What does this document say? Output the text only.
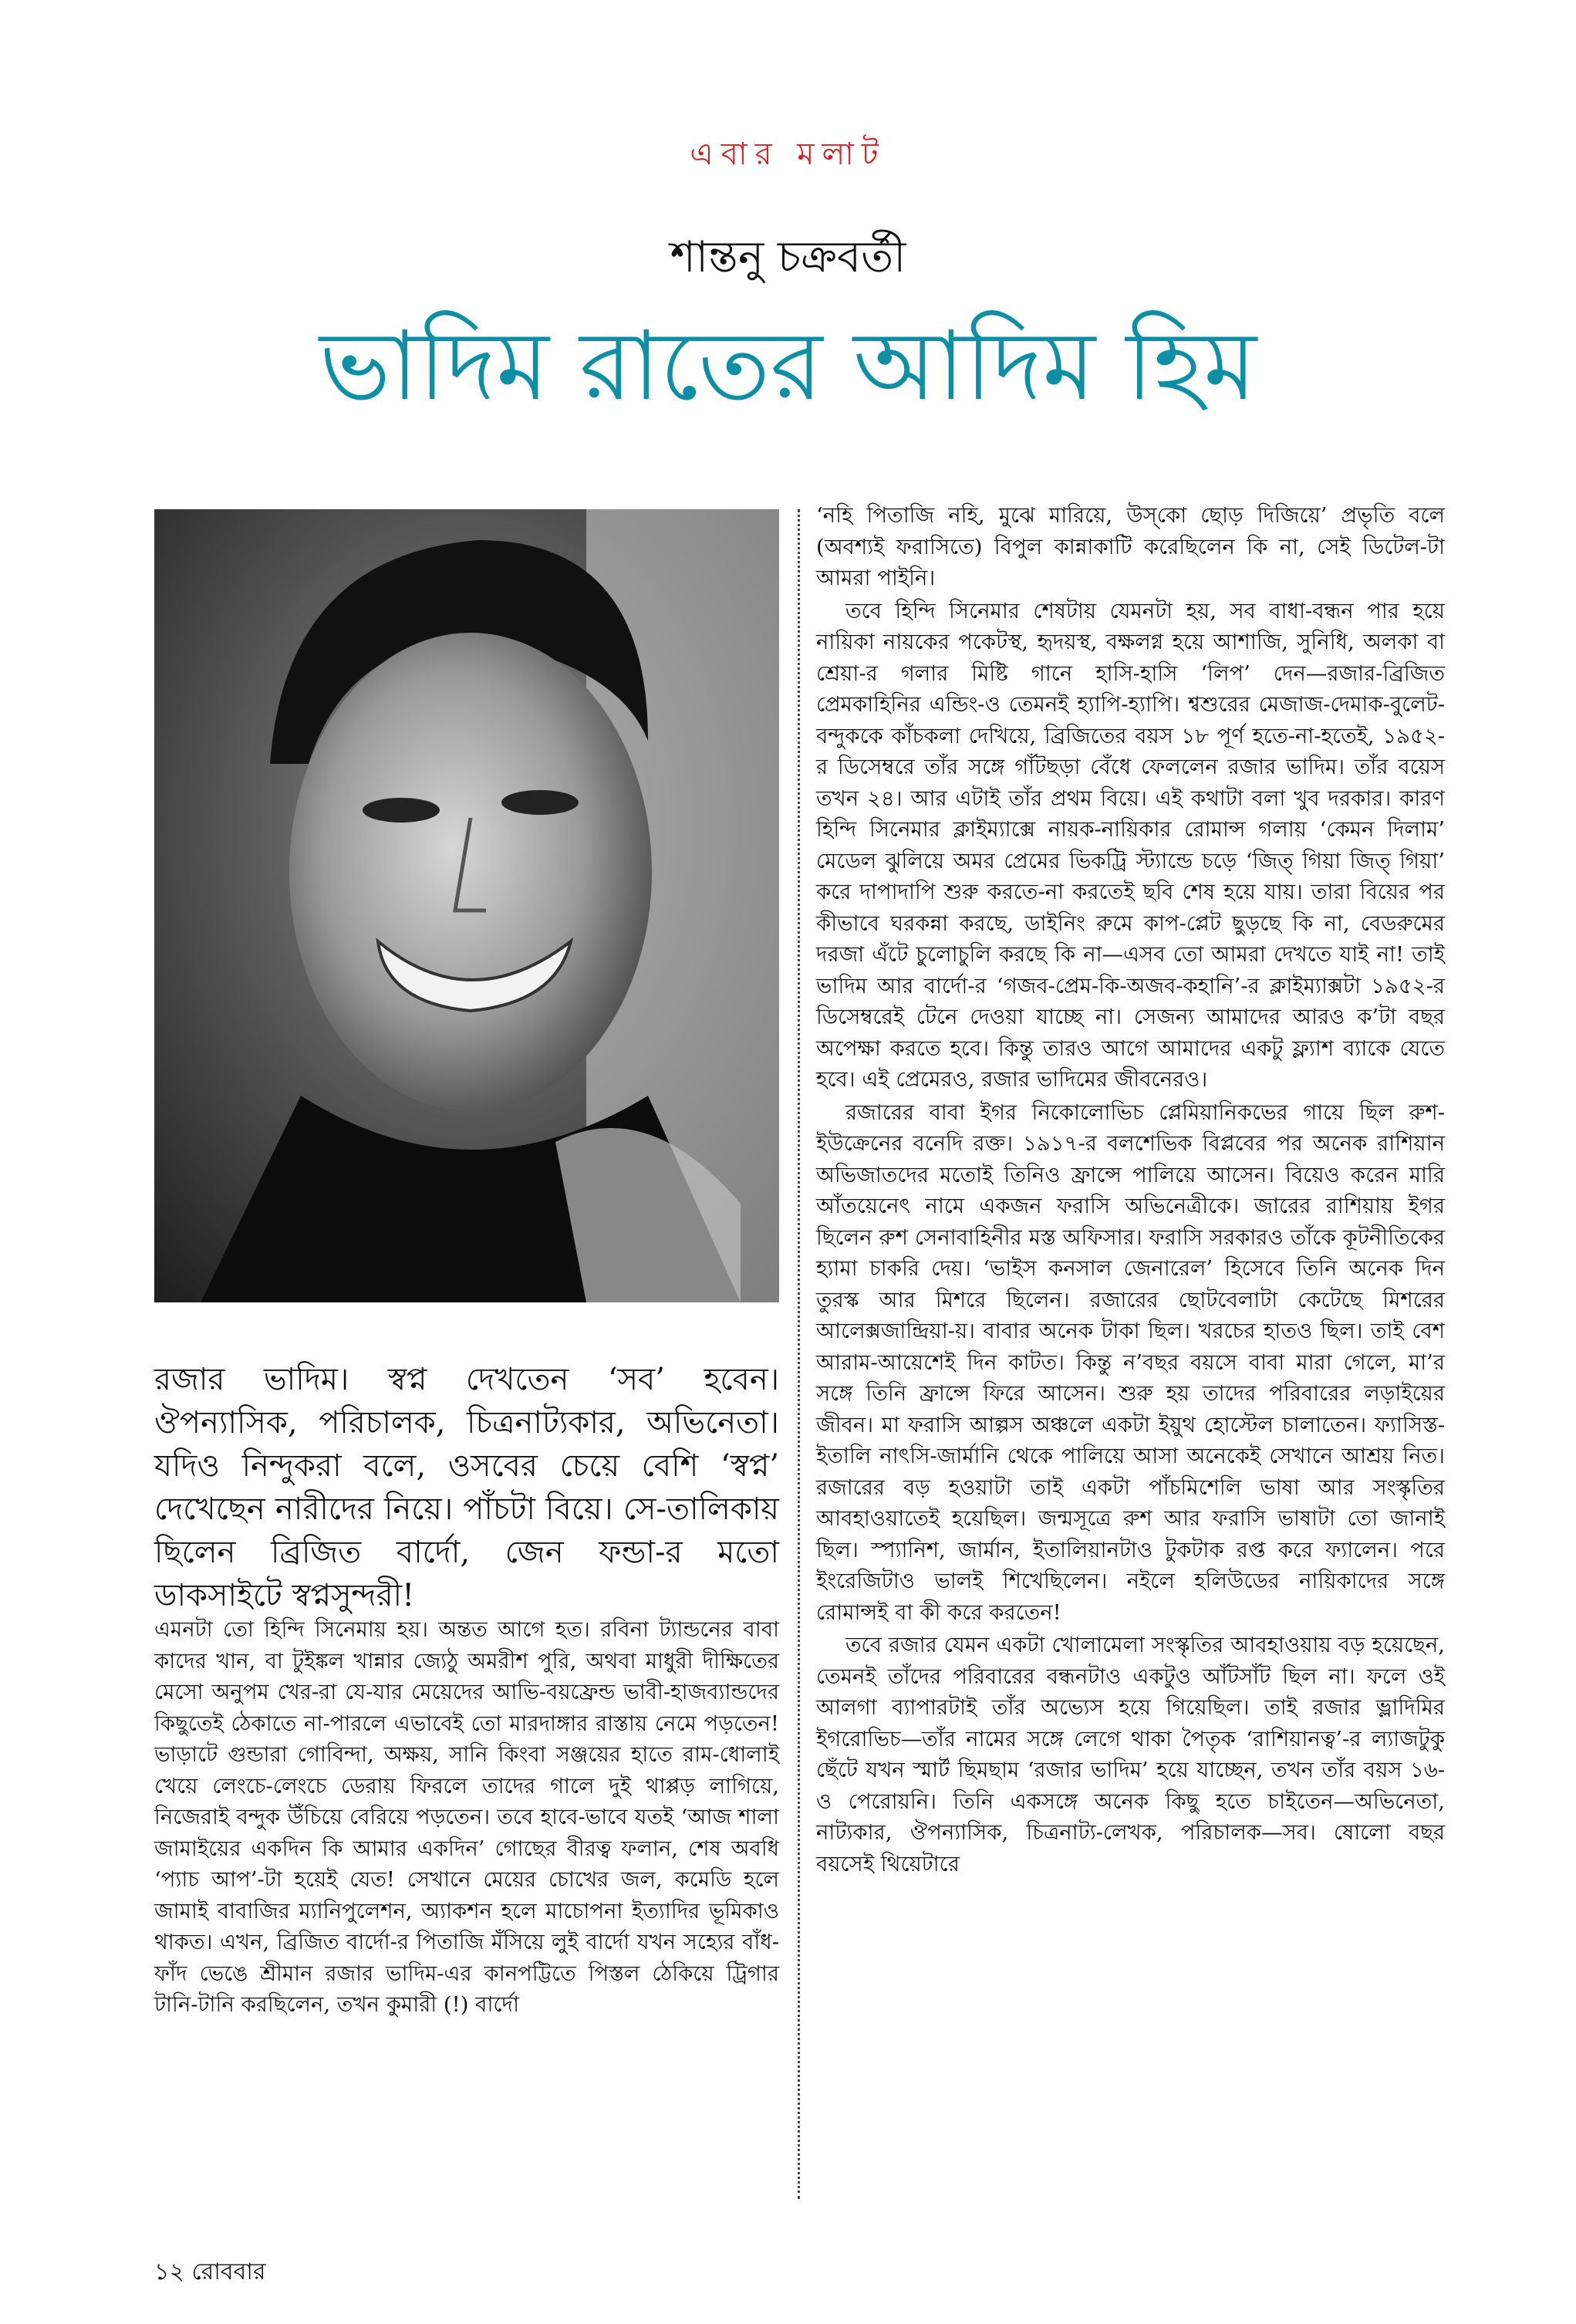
এবার মলাট
শান্তনু চক্রবর্তী
ভাদিম রাতের আদিম হিম

রজার ভাদিম। স্বপ্ন দেখতেন ‘সব’ হবেন। ঔপন্যাসিক, পরিচালক, চিত্রনাট্যকার, অভিনেতা। যদিও নিন্দুকরা বলে, ওসবের চেয়ে বেশি ‘স্বপ্ন’ দেখেছেন নারীদের নিয়ে। পাঁচটা বিয়ে। সে-তালিকায় ছিলেন ব্রিজিত বার্দো, জেন ফন্ডা-র মতো ডাকসাইটে স্বপ্নসুন্দরী!

এমনটা তো হিন্দি সিনেমায় হয়। অন্তত আগে হত। রবিনা ট্যান্ডনের বাবা কাদের খান, বা টুইঙ্কল খান্নার জ্যেঠু অমরীশ পুরি, অথবা মাধুরী দীক্ষিতের মেসো অনুপম খের-রা যে-যার মেয়েদের আভি-বয়ফ্রেন্ড ভাবী-হাজব্যান্ডদের কিছুতেই ঠেকাতে না-পারলে এভাবেই তো মারদাঙ্গার রাস্তায় নেমে পড়তেন! ভাড়াটে গুন্ডারা গোবিন্দা, অক্ষয়, সানি কিংবা সঞ্জয়ের হাতে রাম-ধোলাই খেয়ে লেংচে-লেংচে ডেরায় ফিরলে তাদের গালে দুই থাপ্পড় লাগিয়ে, নিজেরাই বন্দুক উঁচিয়ে বেরিয়ে পড়তেন। তবে হাবে-ভাবে যতই ‘আজ শালা জামাইয়ের একদিন কি আমার একদিন’ গোছের বীরত্ব ফলান, শেষ অবধি ‘প্যাচ আপ’-টা হয়েই যেত! সেখানে মেয়ের চোখের জল, কমেডি হলে জামাই বাবাজির ম্যানিপুলেশন, অ্যাকশন হলে মাচোপনা ইত্যাদির ভূমিকাও থাকত। এখন, ব্রিজিত বার্দো-র পিতাজি মঁসিয়ে লুই বার্দো যখন সহ্যের বাঁধ-ফাঁদ ভেঙে শ্রীমান রজার ভাদিম-এর কানপট্টিতে পিস্তল ঠেকিয়ে ট্রিগার টানি-টানি করছিলেন, তখন কুমারী (!) বার্দো

‘নহি পিতাজি নহি, মুঝে মারিয়ে, উস্‌কো ছোড় দিজিয়ে’ প্রভৃতি বলে (অবশ্যই ফরাসিতে) বিপুল কান্নাকাটি করেছিলেন কি না, সেই ডিটেল-টা আমরা পাইনি।

তবে হিন্দি সিনেমার শেষটায় যেমনটা হয়, সব বাধা-বন্ধন পার হয়ে নায়িকা নায়কের পকেটস্থ, হৃদয়স্থ, বক্ষলগ্ন হয়ে আশাজি, সুনিধি, অলকা বা শ্রেয়া-র গলার মিষ্টি গানে হাসি-হাসি ‘লিপ’ দেন—রজার-ব্রিজিত প্রেমকাহিনির এন্ডিং-ও তেমনই হ্যাপি-হ্যাপি। শ্বশুরের মেজাজ-দেমাক-বুলেট-বন্দুককে কাঁচকলা দেখিয়ে, ব্রিজিতের বয়স ১৮ পূর্ণ হতে-না-হতেই, ১৯৫২-র ডিসেম্বরে তাঁর সঙ্গে গাঁটছড়া বেঁধে ফেললেন রজার ভাদিম। তাঁর বয়েস তখন ২৪। আর এটাই তাঁর প্রথম বিয়ে। এই কথাটা বলা খুব দরকার। কারণ হিন্দি সিনেমার ক্লাইম্যাক্সে নায়ক-নায়িকার রোমান্স গলায় ‘কেমন দিলাম’ মেডেল ঝুলিয়ে অমর প্রেমের ভিকট্রি স্ট্যান্ডে চড়ে ‘জিত্‌ গিয়া জিত্‌ গিয়া’ করে দাপাদাপি শুরু করতে-না করতেই ছবি শেষ হয়ে যায়। তারা বিয়ের পর কীভাবে ঘরকন্না করছে, ডাইনিং রুমে কাপ-প্লেট ছুড়ছে কি না, বেডরুমের দরজা এঁটে চুলোচুলি করছে কি না—এসব তো আমরা দেখতে যাই না! তাই ভাদিম আর বার্দো-র ‘গজব-প্রেম-কি-অজব-কহানি’-র ক্লাইম্যাক্সটা ১৯৫২-র ডিসেম্বরেই টেনে দেওয়া যাচ্ছে না। সেজন্য আমাদের আরও ক’টা বছর অপেক্ষা করতে হবে। কিন্তু তারও আগে আমাদের একটু ফ্ল্যাশ ব্যাকে যেতে হবে। এই প্রেমেরও, রজার ভাদিমের জীবনেরও।

রজারের বাবা ইগর নিকোলোভিচ প্লেমিয়ানিকভের গায়ে ছিল রুশ-ইউক্রেনের বনেদি রক্ত। ১৯১৭-র বলশেভিক বিপ্লবের পর অনেক রাশিয়ান অভিজাতদের মতোই তিনিও ফ্রান্সে পালিয়ে আসেন। বিয়েও করেন মারি আঁতয়েনেৎ নামে একজন ফরাসি অভিনেত্রীকে। জারের রাশিয়ায় ইগর ছিলেন রুশ সেনাবাহিনীর মস্ত অফিসার। ফরাসি সরকারও তাঁকে কূটনীতিকের হ্যামা চাকরি দেয়। ‘ভাইস কনসাল জেনারেল’ হিসেবে তিনি অনেক দিন তুরস্ক আর মিশরে ছিলেন। রজারের ছোটবেলাটা কেটেছে মিশরের আলেক্সজান্দ্রিয়া-য়। বাবার অনেক টাকা ছিল। খরচের হাতও ছিল। তাই বেশ আরাম-আয়েশেই দিন কাটত। কিন্তু ন’বছর বয়সে বাবা মারা গেলে, মা’র সঙ্গে তিনি ফ্রান্সে ফিরে আসেন। শুরু হয় তাদের পরিবারের লড়াইয়ের জীবন। মা ফরাসি আল্পস অঞ্চলে একটা ইয়ুথ হোস্টেল চালাতেন। ফ্যাসিস্ত-ইতালি নাৎসি-জার্মানি থেকে পালিয়ে আসা অনেকেই সেখানে আশ্রয় নিত। রজারের বড় হওয়াটা তাই একটা পাঁচমিশেলি ভাষা আর সংস্কৃতির আবহাওয়াতেই হয়েছিল। জন্মসূত্রে রুশ আর ফরাসি ভাষাটা তো জানাই ছিল। স্প্যানিশ, জার্মান, ইতালিয়ানটাও টুকটাক রপ্ত করে ফ্যালেন। পরে ইংরেজিটাও ভালই শিখেছিলেন। নইলে হলিউডের নায়িকাদের সঙ্গে রোমান্সই বা কী করে করতেন!

তবে রজার যেমন একটা খোলামেলা সংস্কৃতির আবহাওয়ায় বড় হয়েছেন, তেমনই তাঁদের পরিবারের বন্ধনটাও একটুও আঁটসাঁট ছিল না। ফলে ওই আলগা ব্যাপারটাই তাঁর অভ্যেস হয়ে গিয়েছিল। তাই রজার ভ্লাদিমির ইগরোভিচ—তাঁর নামের সঙ্গে লেগে থাকা পৈতৃক ‘রাশিয়ানত্ব’-র ল্যাজটুকু ছেঁটে যখন স্মার্ট ছিমছাম ‘রজার ভাদিম’ হয়ে যাচ্ছেন, তখন তাঁর বয়স ১৬-ও পেরোয়নি। তিনি একসঙ্গে অনেক কিছু হতে চাইতেন—অভিনেতা, নাট্যকার, ঔপন্যাসিক, চিত্রনাট্য-লেখক, পরিচালক—সব। ষোলো বছর বয়সেই থিয়েটারে

১২ রোববার
